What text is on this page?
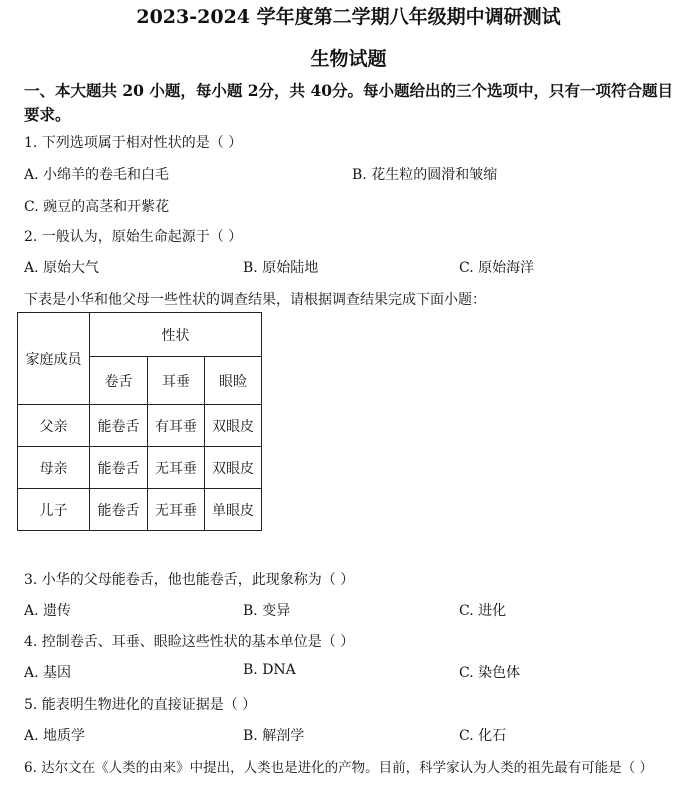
2023-2024 学年度第二学期八年级期中调研测试
生物试题
一、本大题共 20 小题，每小题 2分，共 40分。每小题给出的三个选项中，只有一项符合题目
要求。
1. 下列选项属于相对性状的是（ ）
A. 小绵羊的卷毛和白毛	B. 花生粒的圆滑和皱缩
C. 豌豆的高茎和开紫花
2. 一般认为，原始生命起源于（ ）
A. 原始大气	B. 原始陆地	C. 原始海洋
下表是小华和他父母一些性状的调查结果，请根据调查结果完成下面小题：
家庭成员	性状		
	卷舌	耳垂	眼睑
父亲	能卷舌	有耳垂	双眼皮
母亲	能卷舌	无耳垂	双眼皮
儿子	能卷舌	无耳垂	单眼皮
3. 小华的父母能卷舌，他也能卷舌，此现象称为（ ）
A. 遗传	B. 变异	C. 进化
4. 控制卷舌、耳垂、眼睑这些性状的基本单位是（ ）
A. 基因	B. DNA	C. 染色体
5. 能表明生物进化的直接证据是（ ）
A. 地质学	B. 解剖学	C. 化石
6. 达尔文在《人类的由来》中提出，人类也是进化的产物。目前，科学家认为人类的祖先最有可能是（ ）
